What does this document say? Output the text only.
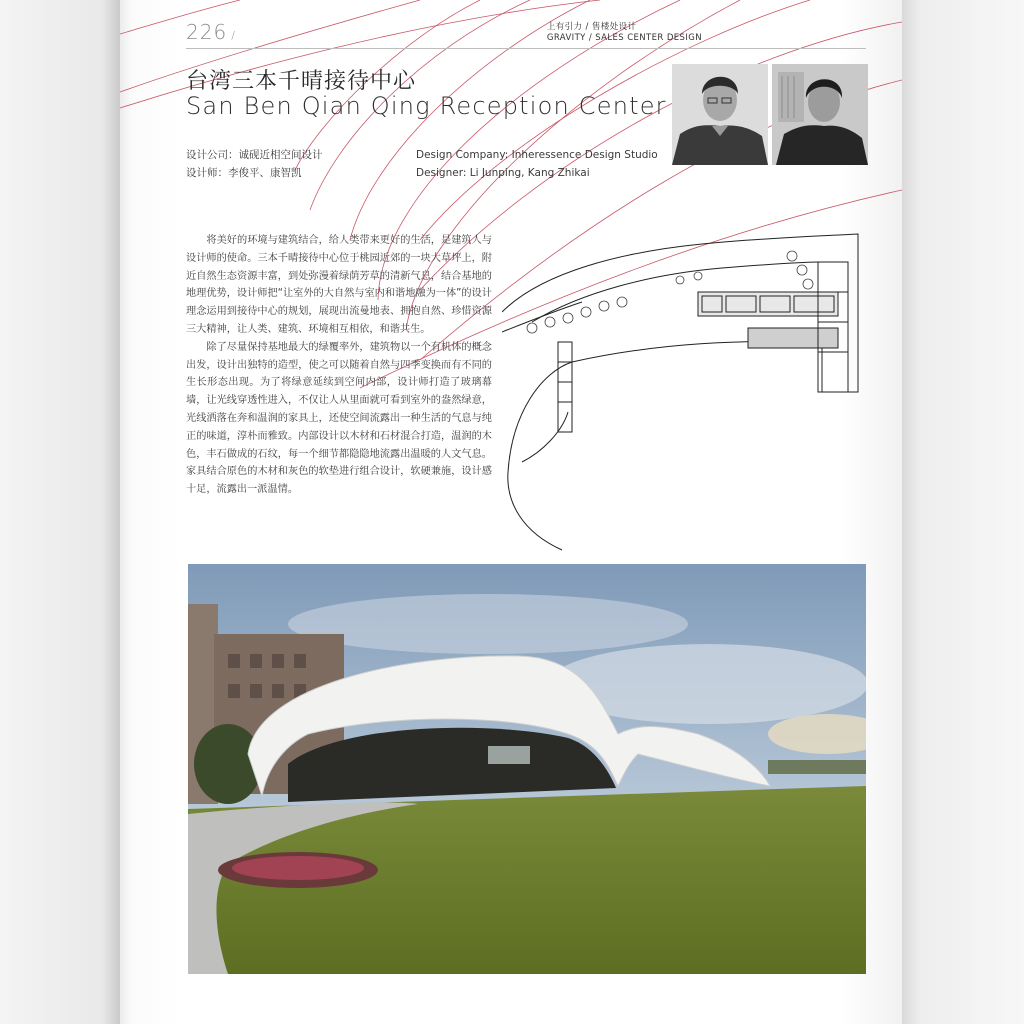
226 /
上有引力 / 售楼处设计
GRAVITY / SALES CENTER DESIGN
台湾三本千晴接待中心
San Ben Qian Qing Reception Center
设计公司：诚砚近相空间设计
设计师：李俊平、康智凯
Design Company: Inheressence Design Studio
Designer: Li Junping, Kang Zhikai

将美好的环境与建筑结合，给人类带来更好的生活，是建筑人与设计师的使命。三本千晴接待中心位于桃园近郊的一块大草坪上，附近自然生态资源丰富，到处弥漫着绿荫芳草的清新气息，结合基地的地理优势，设计师把“让室外的大自然与室内和谐地融为一体”的设计理念运用到接待中心的规划，展现出流曼地表、拥抱自然、珍惜资源三大精神，让人类、建筑、环境相互相依，和谐共生。

除了尽量保持基地最大的绿覆率外，建筑物以一个有机体的概念出发，设计出独特的造型，使之可以随着自然与四季变换而有不同的生长形态出现。为了将绿意延续到空间内部，设计师打造了玻璃幕墙，让光线穿透性进入，不仅让人从里面就可看到室外的盎然绿意，光线洒落在奔和温润的家具上，还使空间流露出一种生活的气息与纯正的味道，淳朴而雅致。内部设计以木材和石材混合打造，温润的木色，丰石做成的石纹，每一个细节都隐隐地流露出温暖的人文气息。家具结合原色的木材和灰色的软垫进行组合设计，软硬兼施，设计感十足，流露出一派温情。
